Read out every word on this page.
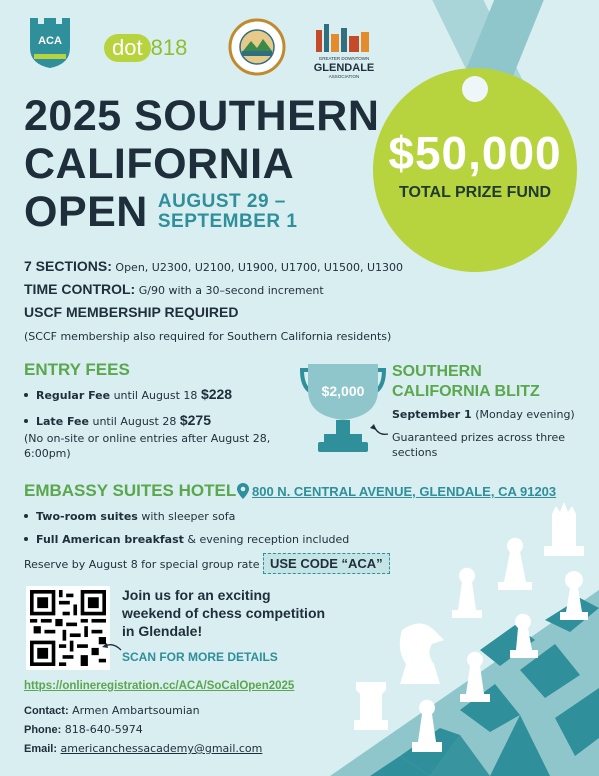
$50,000
TOTAL PRIZE FUND
ACA	dot 818	GREATER DOWNTOWN
GLENDALE
ASSOCIATION
2025 SOUTHERN
CALIFORNIA
OPEN AUGUST 29 –
SEPTEMBER 1
7 SECTIONS: Open, U2300, U2100, U1900, U1700, U1500, U1300
TIME CONTROL: G/90 with a 30–second increment
USCF MEMBERSHIP REQUIRED
(SCCF membership also required for Southern California residents)
ENTRY FEES
Regular Fee until August 18 $228
Late Fee until August 28 $275
(No on-site or online entries after August 28, 6:00pm)
$2,000
SOUTHERN
CALIFORNIA BLITZ
September 1 (Monday evening)
Guaranteed prizes across three sections
EMBASSY SUITES HOTEL 800 N. CENTRAL AVENUE, GLENDALE, CA 91203
Two-room suites with sleeper sofa
Full American breakfast & evening reception included
Reserve by August 8 for special group rate USE CODE “ACA”
Join us for an exciting weekend of chess competition in Glendale!
SCAN FOR MORE DETAILS
https://onlineregistration.cc/ACA/SoCalOpen2025
Contact: Armen Ambartsoumian
Phone: 818-640-5974
Email: americanchessacademy@gmail.com
